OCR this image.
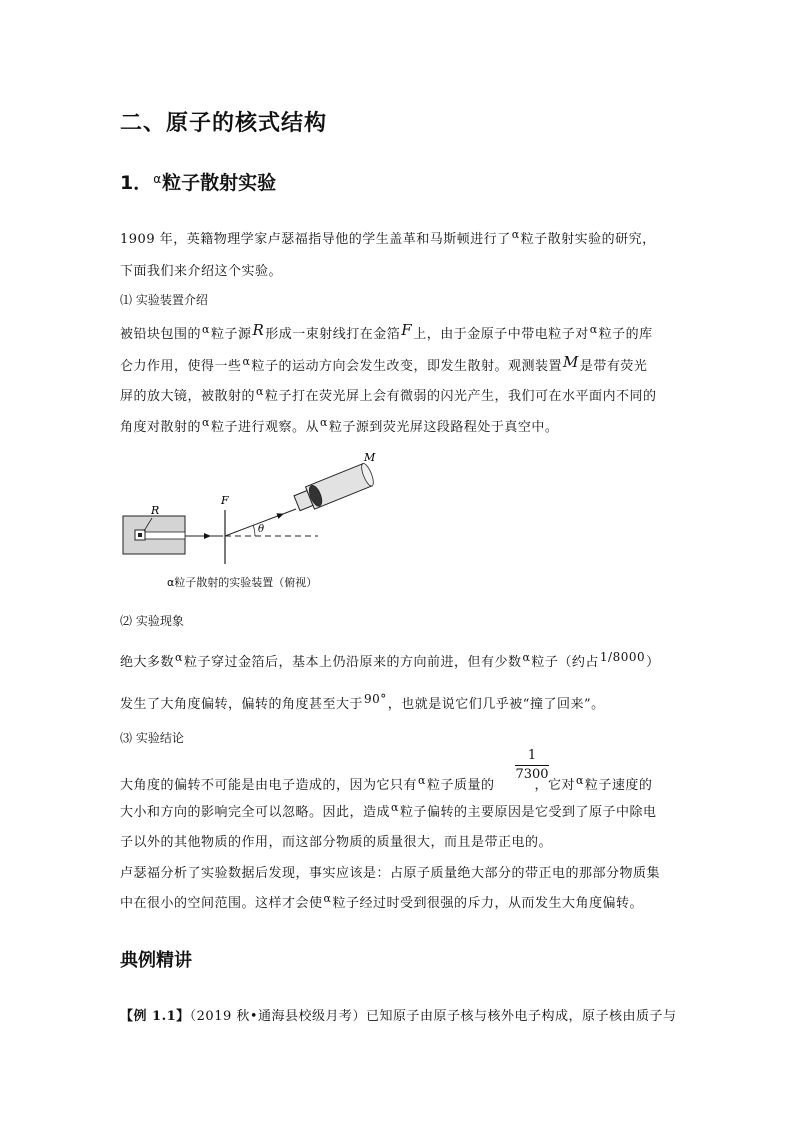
二、原子的核式结构
1．$^\alpha$粒子散射实验
1909 年，英籍物理学家卢瑟福指导他的学生盖革和马斯顿进行了$^\alpha$粒子散射实验的研究，
下面我们来介绍这个实验。
⑴ 实验装置介绍
被铅块包围的$^\alpha$粒子源R形成一束射线打在金箔F上，由于金原子中带电粒子对$^\alpha$粒子的库
仑力作用，使得一些$^\alpha$粒子的运动方向会发生改变，即发生散射。观测装置M是带有荧光
屏的放大镜，被散射的$^\alpha$粒子打在荧光屏上会有微弱的闪光产生，我们可在水平面内不同的
角度对散射的$^\alpha$粒子进行观察。从$^\alpha$粒子源到荧光屏这段路程处于真空中。
R
F
θ
M
α粒子散射的实验装置（俯视）
⑵ 实验现象
绝大多数$^\alpha$粒子穿过金箔后，基本上仍沿原来的方向前进，但有少数$^\alpha$粒子（约占1/8000）
发生了大角度偏转，偏转的角度甚至大于90°，也就是说它们几乎被“撞了回来”。
⑶ 实验结论
$\frac{1}{7300}$
大角度的偏转不可能是由电子造成的，因为它只有$^\alpha$粒子质量的	，它对$^\alpha$粒子速度的
大小和方向的影响完全可以忽略。因此，造成$^\alpha$粒子偏转的主要原因是它受到了原子中除电
子以外的其他物质的作用，而这部分物质的质量很大，而且是带正电的。
卢瑟福分析了实验数据后发现，事实应该是：占原子质量绝大部分的带正电的那部分物质集
中在很小的空间范围。这样才会使$^\alpha$粒子经过时受到很强的斥力，从而发生大角度偏转。
典例精讲
【例 1.1】（2019 秋•通海县校级月考）已知原子由原子核与核外电子构成，原子核由质子与
